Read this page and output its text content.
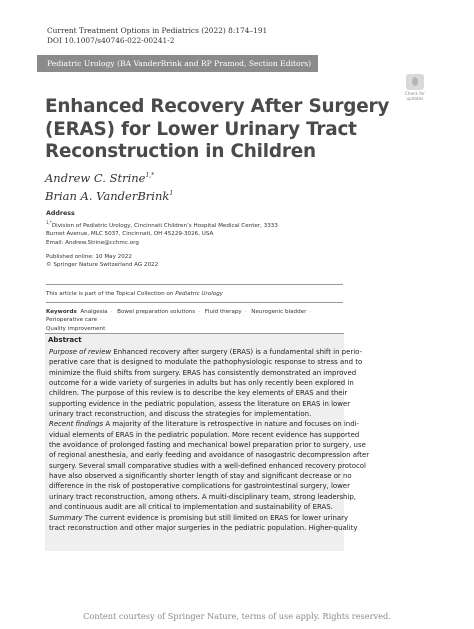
Current Treatment Options in Pediatrics (2022) 8:174–191
DOI 10.1007/s40746-022-00241-2
Pediatric Urology (BA VanderBrink and RP Pramod, Section Editors)
Check for
updates
Enhanced Recovery After Surgery
(ERAS) for Lower Urinary Tract
Reconstruction in Children
Andrew C. Strine$^{1,*}$
Brian A. VanderBrink$^1$
Address
$^{1,*}$Division of Pediatric Urology, Cincinnati Children’s Hospital Medical Center, 3333
Burnet Avenue, MLC 5037, Cincinnati, OH 45229-3026, USA
Email: Andrew.Strine@cchmc.org
Published online: 10 May 2022
© Springer Nature Switzerland AG 2022
This article is part of the Topical Collection on Pediatric Urology
Keywords Analgesia · Bowel preparation solutions · Fluid therapy · Neurogenic bladder · Perioperative care ·
Quality improvement
Abstract
Purpose of review Enhanced recovery after surgery (ERAS) is a fundamental shift in perio-
perative care that is designed to modulate the pathophysiologic response to stress and to
minimize the fluid shifts from surgery. ERAS has consistently demonstrated an improved
outcome for a wide variety of surgeries in adults but has only recently been explored in
children. The purpose of this review is to describe the key elements of ERAS and their
supporting evidence in the pediatric population, assess the literature on ERAS in lower
urinary tract reconstruction, and discuss the strategies for implementation.
Recent findings A majority of the literature is retrospective in nature and focuses on indi-
vidual elements of ERAS in the pediatric population. More recent evidence has supported
the avoidance of prolonged fasting and mechanical bowel preparation prior to surgery, use
of regional anesthesia, and early feeding and avoidance of nasogastric decompression after
surgery. Several small comparative studies with a well-defined enhanced recovery protocol
have also observed a significantly shorter length of stay and significant decrease or no
difference in the risk of postoperative complications for gastrointestinal surgery, lower
urinary tract reconstruction, among others. A multi-disciplinary team, strong leadership,
and continuous audit are all critical to implementation and sustainability of ERAS.
Summary The current evidence is promising but still limited on ERAS for lower urinary
tract reconstruction and other major surgeries in the pediatric population. Higher-quality
Content courtesy of Springer Nature, terms of use apply. Rights reserved.
